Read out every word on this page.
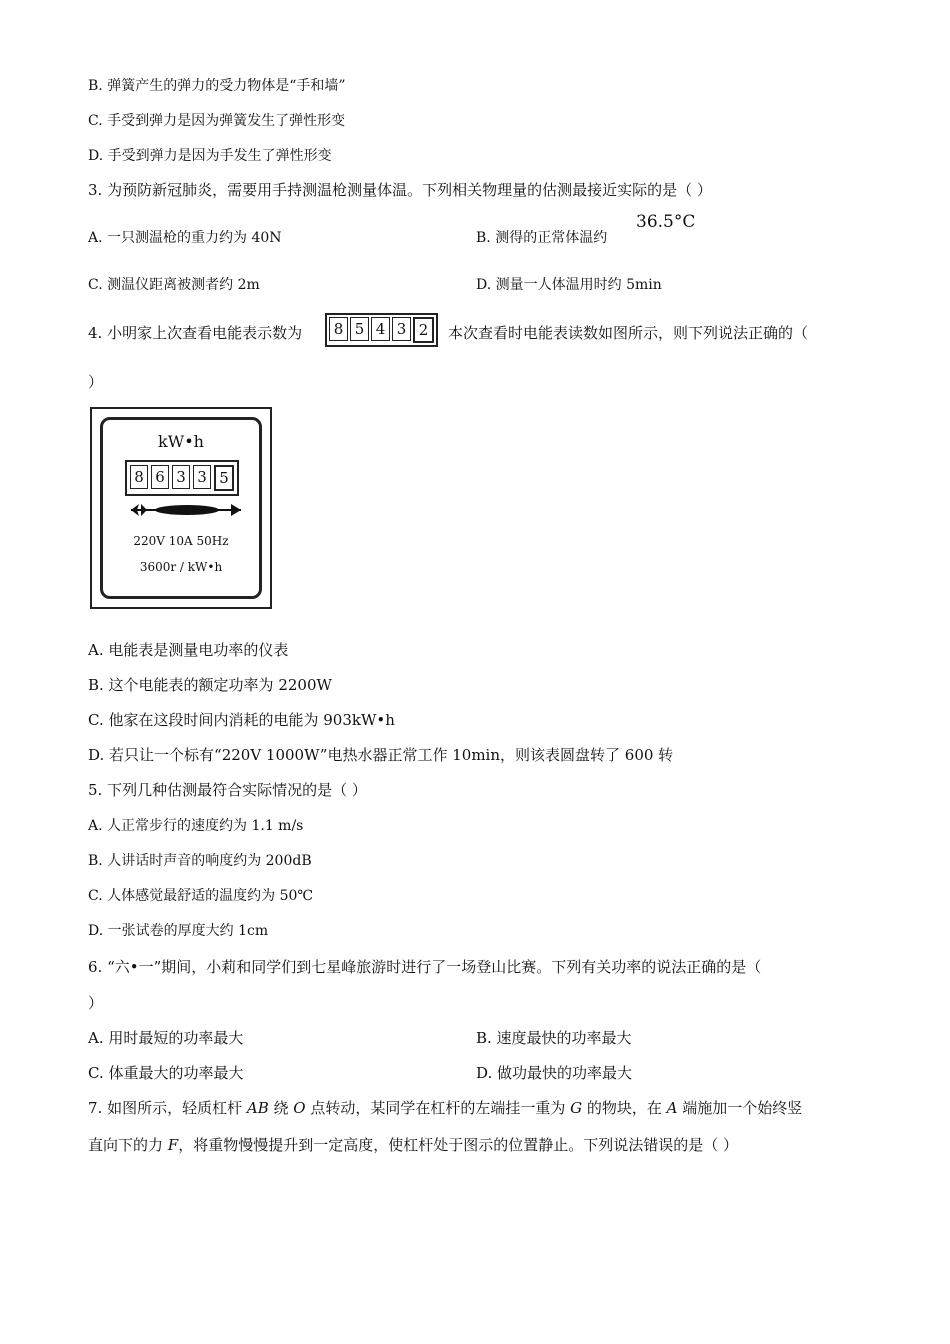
B. 弹簧产生的弹力的受力物体是“手和墙”
C. 手受到弹力是因为弹簧发生了弹性形变
D. 手受到弹力是因为手发生了弹性形变
3. 为预防新冠肺炎，需要用手持测温枪测量体温。下列相关物理量的估测最接近实际的是（ ）
A. 一只测温枪的重力约为 40N	B. 测得的正常体温约
36.5°C
C. 测温仪距离被测者约 2m	D. 测量一人体温用时约 5min
4. 小明家上次查看电能表示数为	8 5 4 3 2	本次查看时电能表读数如图所示，则下列说法正确的（
）
kW•h
8 6 3 3 5
220V 10A 50Hz
3600r / kW•h
A. 电能表是测量电功率的仪表
B. 这个电能表的额定功率为 2200W
C. 他家在这段时间内消耗的电能为 903kW•h
D. 若只让一个标有“220V 1000W”电热水器正常工作 10min，则该表圆盘转了 600 转
5. 下列几种估测最符合实际情况的是（ ）
A. 人正常步行的速度约为 1.1 m/s
B. 人讲话时声音的响度约为 200dB
C. 人体感觉最舒适的温度约为 50℃
D. 一张试卷的厚度大约 1cm
6. “六•一”期间，小莉和同学们到七星峰旅游时进行了一场登山比赛。下列有关功率的说法正确的是（
）
A. 用时最短的功率最大	B. 速度最快的功率最大
C. 体重最大的功率最大	D. 做功最快的功率最大
7. 如图所示，轻质杠杆 AB 绕 O 点转动，某同学在杠杆的左端挂一重为 G 的物块，在 A 端施加一个始终竖
直向下的力 F，将重物慢慢提升到一定高度，使杠杆处于图示的位置静止。下列说法错误的是（ ）
